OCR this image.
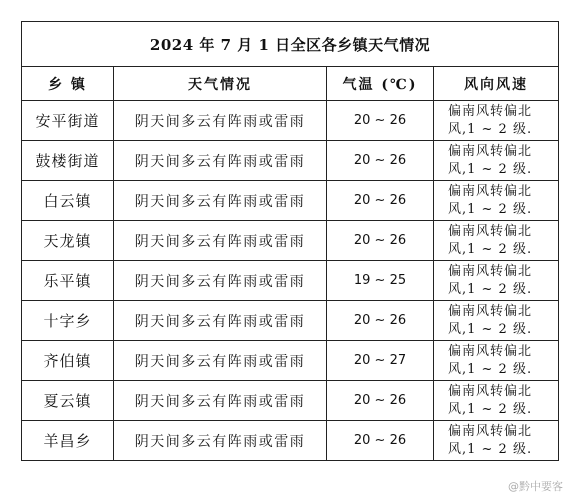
2024 年 7 月 1 日全区各乡镇天气情况			
乡 镇	天气情况	气温 (℃)	风向风速
安平街道	阴天间多云有阵雨或雷雨	20 ~ 26	偏南风转偏北
风,1 ~ 2 级.

鼓楼街道	阴天间多云有阵雨或雷雨	20 ~ 26	偏南风转偏北
风,1 ~ 2 级.

白云镇	阴天间多云有阵雨或雷雨	20 ~ 26	偏南风转偏北
风,1 ~ 2 级.

天龙镇	阴天间多云有阵雨或雷雨	20 ~ 26	偏南风转偏北
风,1 ~ 2 级.

乐平镇	阴天间多云有阵雨或雷雨	19 ~ 25	偏南风转偏北
风,1 ~ 2 级.

十字乡	阴天间多云有阵雨或雷雨	20 ~ 26	偏南风转偏北
风,1 ~ 2 级.

齐伯镇	阴天间多云有阵雨或雷雨	20 ~ 27	偏南风转偏北
风,1 ~ 2 级.

夏云镇	阴天间多云有阵雨或雷雨	20 ~ 26	偏南风转偏北
风,1 ~ 2 级.

羊昌乡	阴天间多云有阵雨或雷雨	20 ~ 26	偏南风转偏北
风,1 ~ 2 级.
@黔中要客
